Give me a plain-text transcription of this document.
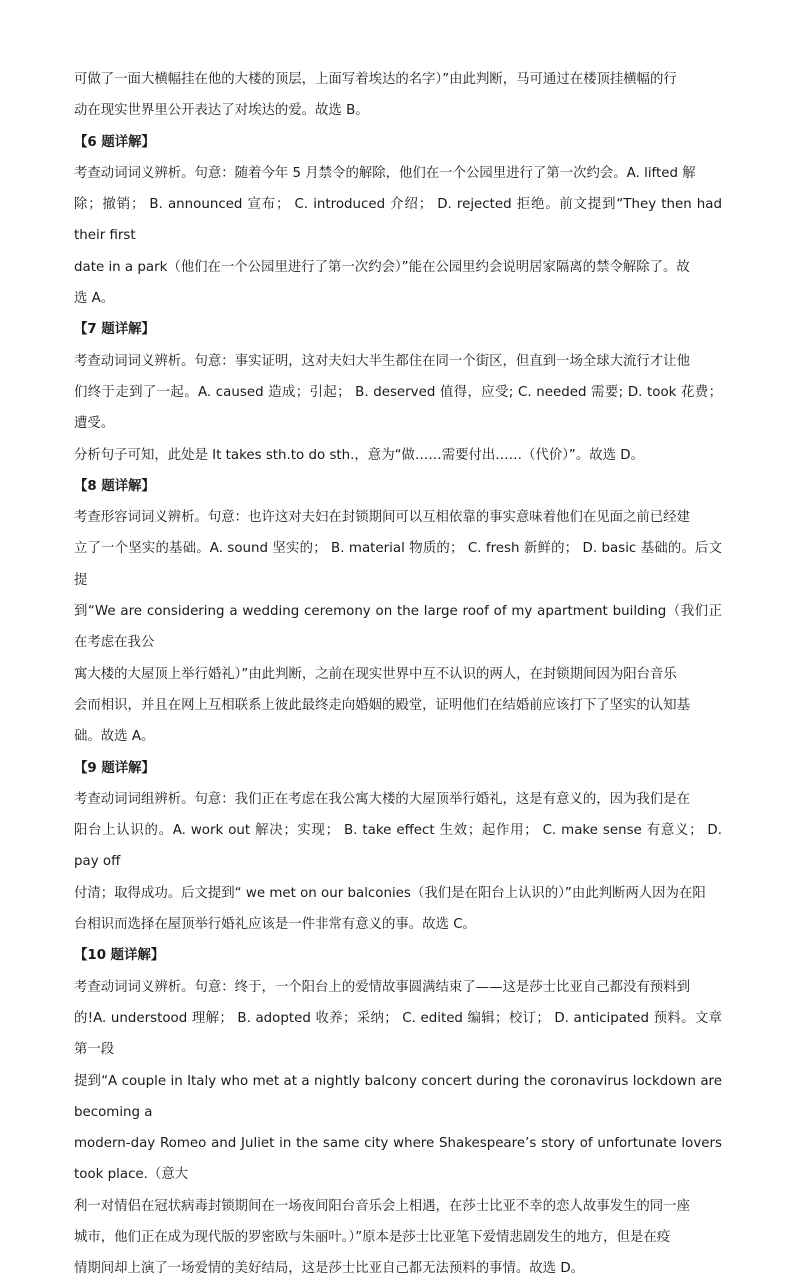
可做了一面大横幅挂在他的大楼的顶层，上面写着埃达的名字）”由此判断，马可通过在楼顶挂横幅的行

动在现实世界里公开表达了对埃达的爱。故选 B。

【6 题详解】

考查动词词义辨析。句意：随着今年 5 月禁令的解除，他们在一个公园里进行了第一次约会。A. lifted 解

除；撤销； B. announced 宣布； C. introduced 介绍； D. rejected 拒绝。前文提到“They then had their first

date in a park（他们在一个公园里进行了第一次约会）”能在公园里约会说明居家隔离的禁令解除了。故

选 A。

【7 题详解】

考查动词词义辨析。句意：事实证明，这对夫妇大半生都住在同一个街区，但直到一场全球大流行才让他

们终于走到了一起。A. caused 造成；引起； B. deserved 值得，应受; C. needed 需要; D. took 花费；遭受。

分析句子可知，此处是 It takes sth.to do sth.，意为“做……需要付出……（代价）”。故选 D。

【8 题详解】

考查形容词词义辨析。句意：也许这对夫妇在封锁期间可以互相依靠的事实意味着他们在见面之前已经建

立了一个坚实的基础。A. sound 坚实的； B. material 物质的； C. fresh 新鲜的； D. basic 基础的。后文提

到“We are considering a wedding ceremony on the large roof of my apartment building（我们正在考虑在我公

寓大楼的大屋顶上举行婚礼）”由此判断，之前在现实世界中互不认识的两人，在封锁期间因为阳台音乐

会而相识，并且在网上互相联系上彼此最终走向婚姻的殿堂，证明他们在结婚前应该打下了坚实的认知基

础。故选 A。

【9 题详解】

考查动词词组辨析。句意：我们正在考虑在我公寓大楼的大屋顶举行婚礼，这是有意义的，因为我们是在

阳台上认识的。A. work out 解决；实现； B. take effect 生效；起作用； C. make sense 有意义； D. pay off

付清；取得成功。后文提到“ we met on our balconies（我们是在阳台上认识的）”由此判断两人因为在阳

台相识而选择在屋顶举行婚礼应该是一件非常有意义的事。故选 C。

【10 题详解】

考查动词词义辨析。句意：终于，一个阳台上的爱情故事圆满结束了——这是莎士比亚自己都没有预料到

的!A. understood 理解； B. adopted 收养；采纳； C. edited 编辑；校订； D. anticipated 预料。文章第一段

提到“A couple in Italy who met at a nightly balcony concert during the coronavirus lockdown are becoming a

modern-day Romeo and Juliet in the same city where Shakespeare’s story of unfortunate lovers took place.（意大

利一对情侣在冠状病毒封锁期间在一场夜间阳台音乐会上相遇，在莎士比亚不幸的恋人故事发生的同一座

城市，他们正在成为现代版的罗密欧与朱丽叶。）”原本是莎士比亚笔下爱情悲剧发生的地方，但是在疫

情期间却上演了一场爱情的美好结局，这是莎士比亚自己都无法预料的事情。故选 D。
